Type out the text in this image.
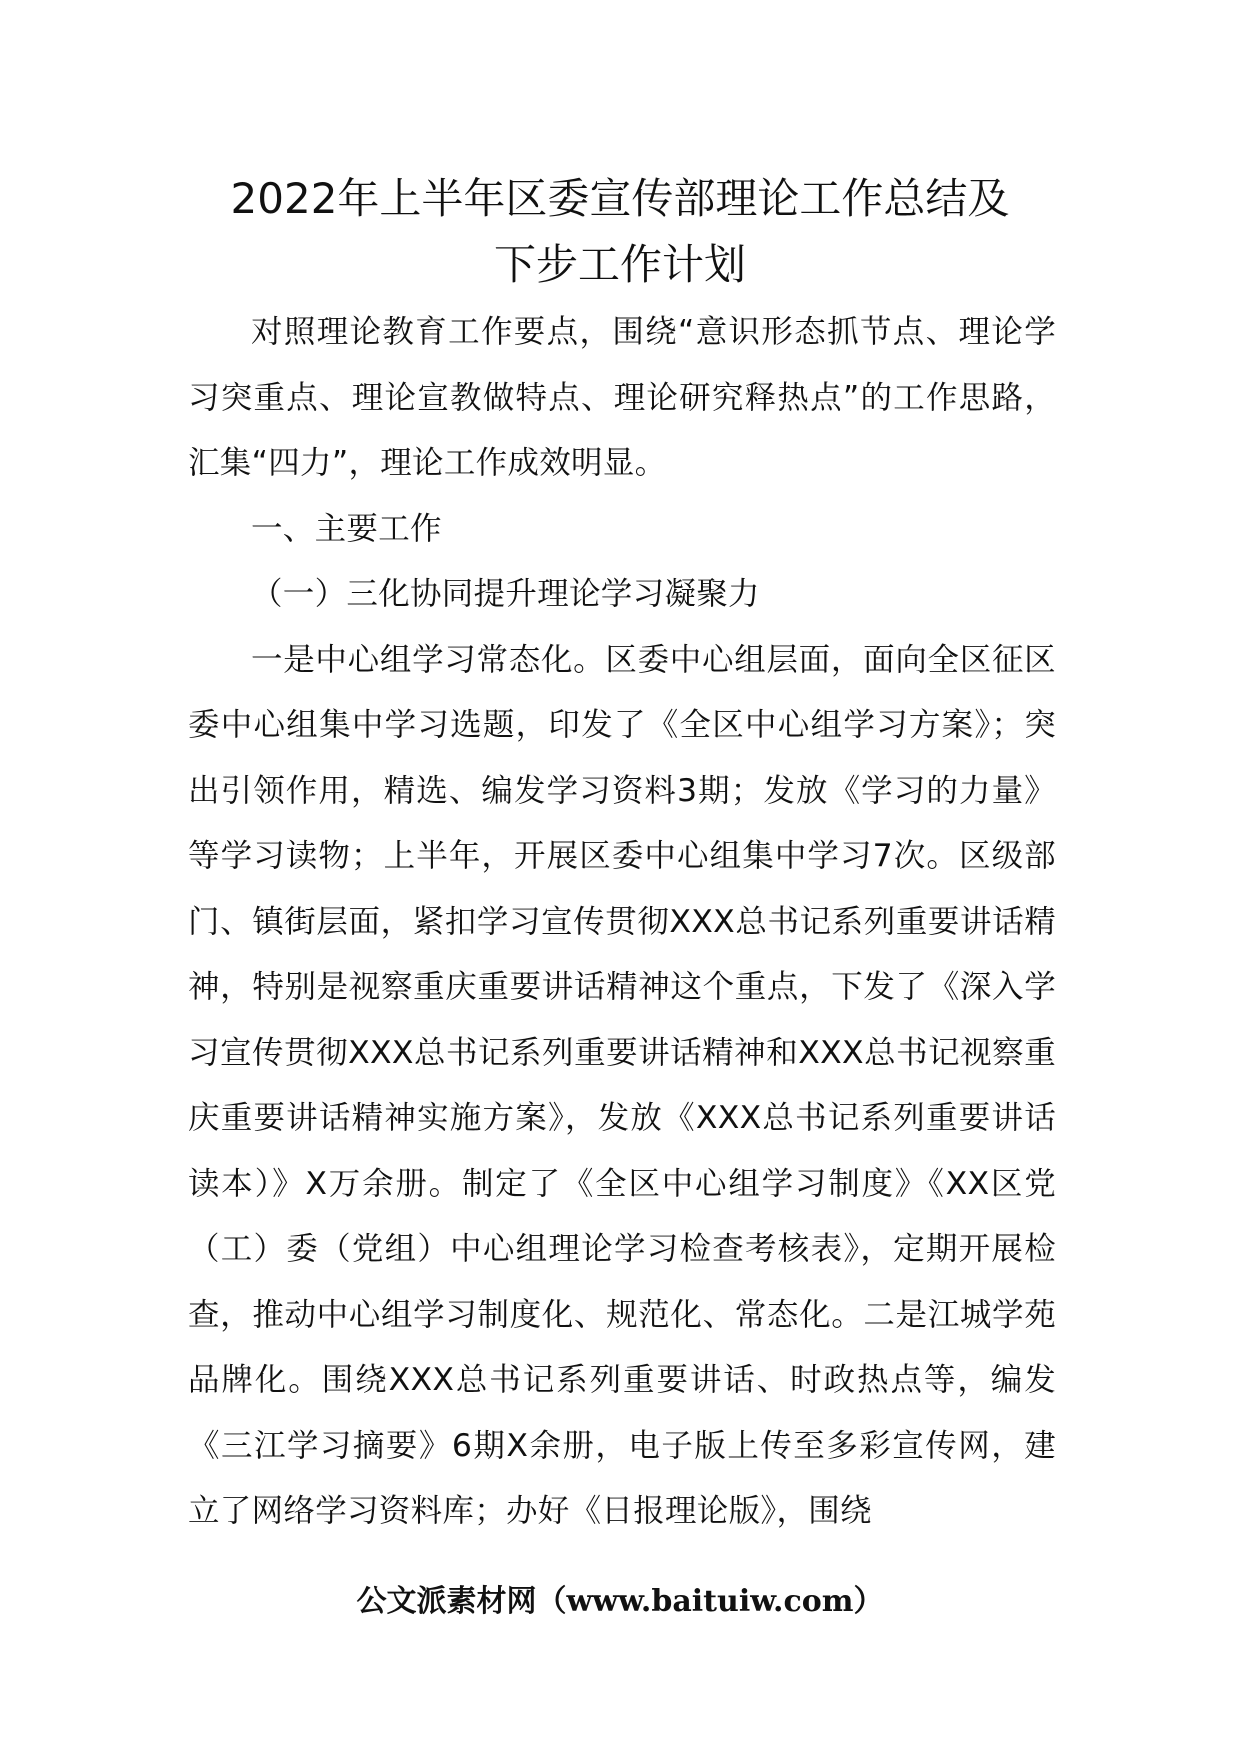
2022年上半年区委宣传部理论工作总结及
下步工作计划

对照理论教育工作要点，围绕“意识形态抓节点、理论学习突重点、理论宣教做特点、理论研究释热点”的工作思路，汇集“四力”，理论工作成效明显。

一、主要工作

（一）三化协同提升理论学习凝聚力

一是中心组学习常态化。区委中心组层面，面向全区征区委中心组集中学习选题，印发了《全区中心组学习方案》；突出引领作用，精选、编发学习资料3期；发放《学习的力量》等学习读物；上半年，开展区委中心组集中学习7次。区级部门、镇街层面，紧扣学习宣传贯彻XXX总书记系列重要讲话精神，特别是视察重庆重要讲话精神这个重点，下发了《深入学习宣传贯彻XXX总书记系列重要讲话精神和XXX总书记视察重庆重要讲话精神实施方案》，发放《XXX总书记系列重要讲话读本）》X万余册。制定了《全区中心组学习制度》《XX区党（工）委（党组）中心组理论学习检查考核表》，定期开展检查，推动中心组学习制度化、规范化、常态化。二是江城学苑品牌化。围绕XXX总书记系列重要讲话、时政热点等，编发《三江学习摘要》6期X余册，电子版上传至多彩宣传网，建立了网络学习资料库；办好《日报理论版》，围绕

公文派素材网（www.baituiw.com）
